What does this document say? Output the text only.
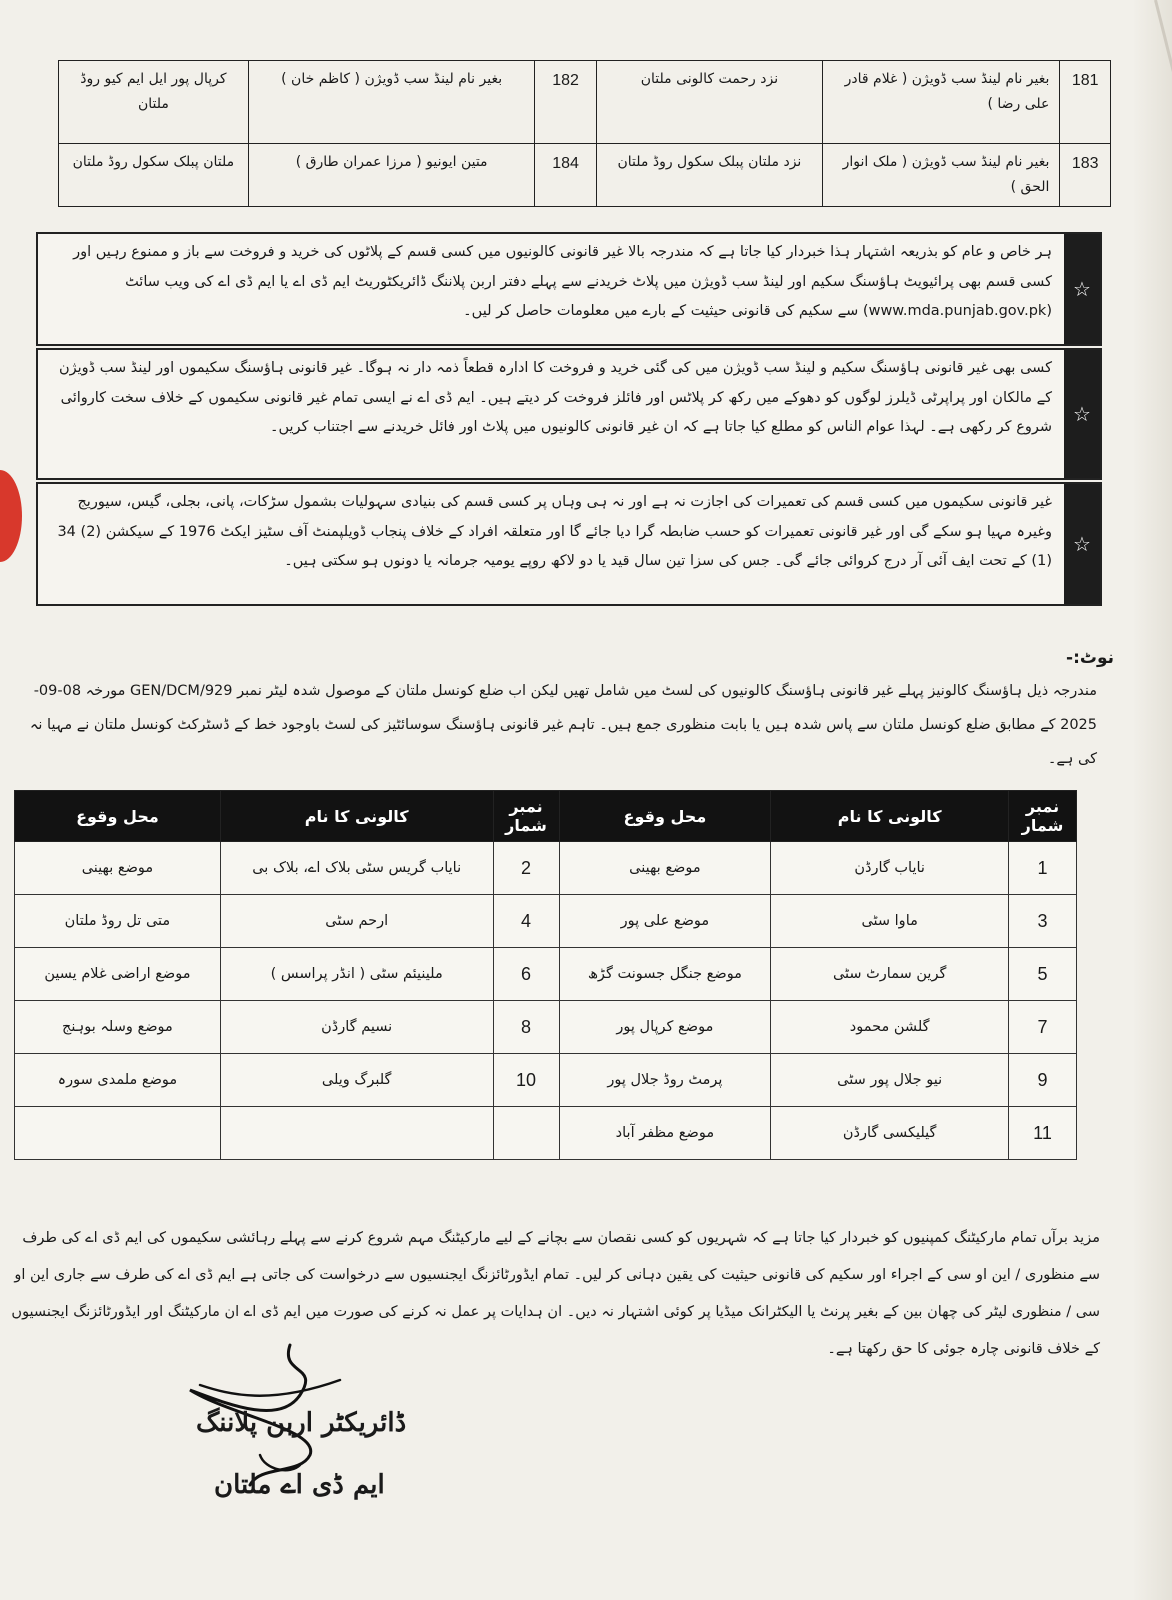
181	بغیر نام لینڈ سب ڈویژن ( غلام قادر علی رضا )	نزد رحمت کالونی ملتان	182	بغیر نام لینڈ سب ڈویژن ( کاظم خان )	کرپال پور ایل ایم کیو روڈ ملتان
183	بغیر نام لینڈ سب ڈویژن ( ملک انوار الحق )	نزد ملتان پبلک سکول روڈ ملتان	184	متین ایونیو ( مرزا عمران طارق )	ملتان پبلک سکول روڈ ملتان
☆
ہر خاص و عام کو بذریعہ اشتہار ہذا خبردار کیا جاتا ہے کہ مندرجہ بالا غیر قانونی کالونیوں میں کسی قسم کے پلاٹوں کی خرید و فروخت سے باز و ممنوع رہیں اور کسی قسم بھی پرائیویٹ ہاؤسنگ سکیم اور لینڈ سب ڈویژن میں پلاٹ خریدنے سے پہلے دفتر اربن پلاننگ ڈائریکٹوریٹ ایم ڈی اے یا ایم ڈی اے کی ویب سائٹ (www.mda.punjab.gov.pk) سے سکیم کی قانونی حیثیت کے بارے میں معلومات حاصل کر لیں۔
☆
کسی بھی غیر قانونی ہاؤسنگ سکیم و لینڈ سب ڈویژن میں کی گئی خرید و فروخت کا ادارہ قطعاً ذمہ دار نہ ہوگا۔ غیر قانونی ہاؤسنگ سکیموں اور لینڈ سب ڈویژن کے مالکان اور پراپرٹی ڈیلرز لوگوں کو دھوکے میں رکھ کر پلاٹس اور فائلز فروخت کر دیتے ہیں۔ ایم ڈی اے نے ایسی تمام غیر قانونی سکیموں کے خلاف سخت کاروائی شروع کر رکھی ہے۔ لہذا عوام الناس کو مطلع کیا جاتا ہے کہ ان غیر قانونی کالونیوں میں پلاٹ اور فائل خریدنے سے اجتناب کریں۔
☆
غیر قانونی سکیموں میں کسی قسم کی تعمیرات کی اجازت نہ ہے اور نہ ہی وہاں پر کسی قسم کی بنیادی سہولیات بشمول سڑکات، پانی، بجلی، گیس، سیوریج وغیرہ مہیا ہو سکے گی اور غیر قانونی تعمیرات کو حسب ضابطہ گرا دیا جائے گا اور متعلقہ افراد کے خلاف پنجاب ڈویلپمنٹ آف سٹیز ایکٹ 1976 کے سیکشن (2) 34 (1) کے تحت ایف آئی آر درج کروائی جائے گی۔ جس کی سزا تین سال قید یا دو لاکھ روپے یومیہ جرمانہ یا دونوں ہو سکتی ہیں۔
نوٹ:-
مندرجہ ذیل ہاؤسنگ کالونیز پہلے غیر قانونی ہاؤسنگ کالونیوں کی لسٹ میں شامل تھیں لیکن اب ضلع کونسل ملتان کے موصول شدہ لیٹر نمبر 929/GEN/DCM مورخہ 08-09-2025 کے مطابق ضلع کونسل ملتان سے پاس شدہ ہیں یا بابت منظوری جمع ہیں۔ تاہم غیر قانونی ہاؤسنگ سوسائٹیز کی لسٹ باوجود خط کے ڈسٹرکٹ کونسل ملتان نے مہیا نہ کی ہے۔
نمبر شمار	کالونی کا نام	محل وقوع	نمبر شمار	کالونی کا نام	محل وقوع
1	نایاب گارڈن	موضع بھینی	2	نایاب گریس سٹی بلاک اے، بلاک بی	موضع بھینی
3	ماوا سٹی	موضع علی پور	4	ارحم سٹی	متی تل روڈ ملتان
5	گرین سمارٹ سٹی	موضع جنگل جسونت گڑھ	6	ملینیئم سٹی ( انڈر پراسس )	موضع اراضی غلام یسین
7	گلشن محمود	موضع کرپال پور	8	نسیم گارڈن	موضع وسلہ بوہنج
9	نیو جلال پور سٹی	پرمٹ روڈ جلال پور	10	گلبرگ ویلی	موضع ملمدی سورہ
11	گیلیکسی گارڈن	موضع مظفر آباد			
مزید برآں تمام مارکیٹنگ کمپنیوں کو خبردار کیا جاتا ہے کہ شہریوں کو کسی نقصان سے بچانے کے لیے مارکیٹنگ مہم شروع کرنے سے پہلے رہائشی سکیموں کی ایم ڈی اے کی طرف سے منظوری / این او سی کے اجراء اور سکیم کی قانونی حیثیت کی یقین دہانی کر لیں۔ تمام ایڈورٹائزنگ ایجنسیوں سے درخواست کی جاتی ہے ایم ڈی اے کی طرف سے جاری این او سی / منظوری لیٹر کی چھان بین کے بغیر پرنٹ یا الیکٹرانک میڈیا پر کوئی اشتہار نہ دیں۔ ان ہدایات پر عمل نہ کرنے کی صورت میں ایم ڈی اے ان مارکیٹنگ اور ایڈورٹائزنگ ایجنسیوں کے خلاف قانونی چارہ جوئی کا حق رکھتا ہے۔
ڈائریکٹر اربن پلاننگ
ایم ڈی اے ملتان
